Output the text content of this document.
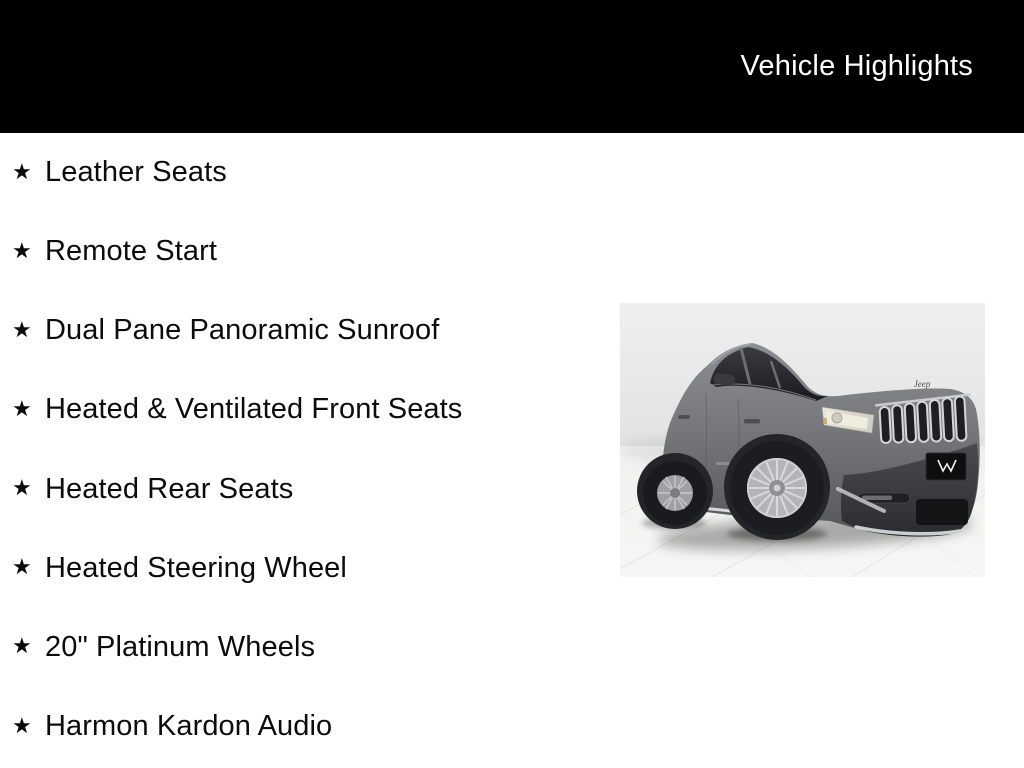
Vehicle Highlights
★ Leather Seats
★ Remote Start
★ Dual Pane Panoramic Sunroof
★ Heated & Ventilated Front Seats
★ Heated Rear Seats
★ Heated Steering Wheel
★ 20" Platinum Wheels
★ Harmon Kardon Audio
Jeep
